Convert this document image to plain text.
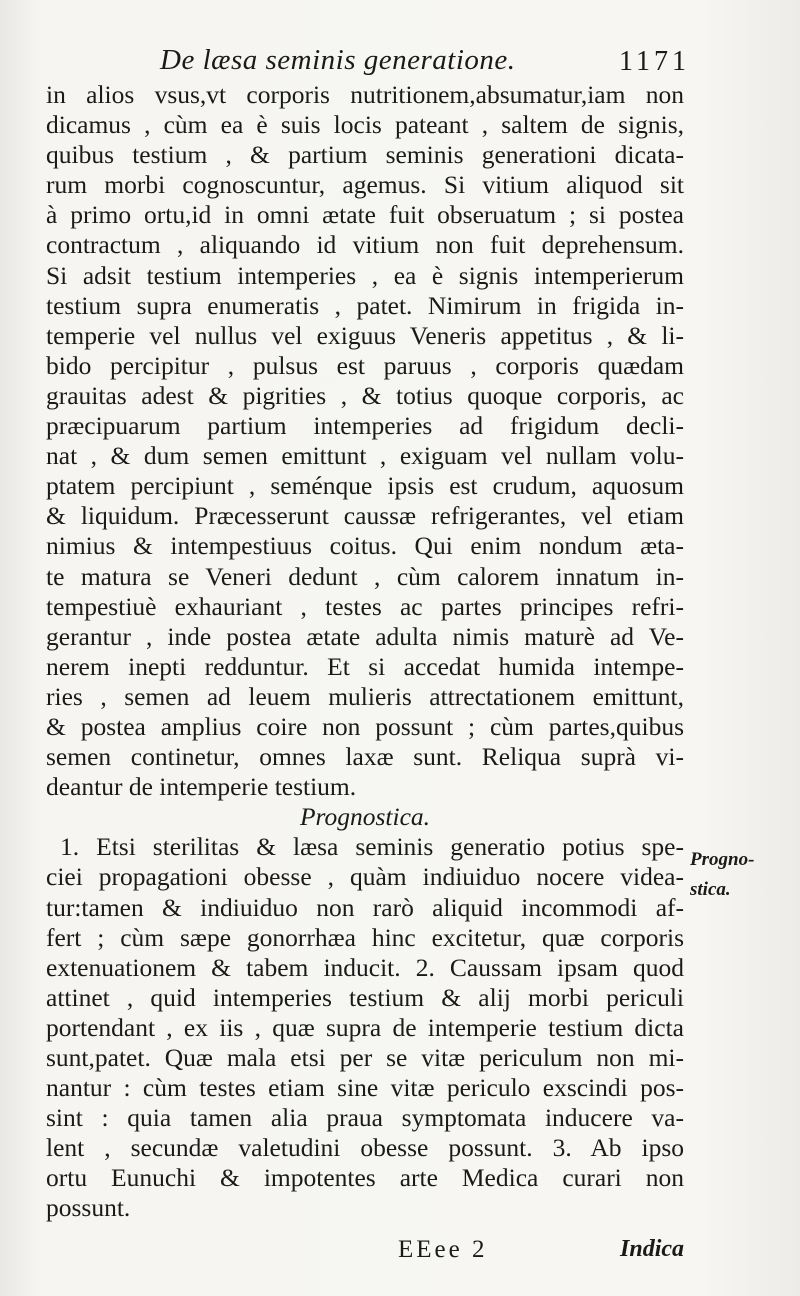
De læsa seminis generatione.	1171
in alios vsus,vt corporis nutritionem,absumatur,iam non
dicamus , cùm ea è suis locis pateant , saltem de signis,
quibus testium , & partium seminis generationi dicata-
rum morbi cognoscuntur, agemus. Si vitium aliquod sit
à primo ortu,id in omni ætate fuit obseruatum ; si postea
contractum , aliquando id vitium non fuit deprehensum.
Si adsit testium intemperies , ea è signis intemperierum
testium supra enumeratis , patet. Nimirum in frigida in-
temperie vel nullus vel exiguus Veneris appetitus , & li-
bido percipitur , pulsus est paruus , corporis quædam
grauitas adest & pigrities , & totius quoque corporis, ac
præcipuarum partium intemperies ad frigidum decli-
nat , & dum semen emittunt , exiguam vel nullam volu-
ptatem percipiunt , seménque ipsis est crudum, aquosum
& liquidum. Præcesserunt caussæ refrigerantes, vel etiam
nimius & intempestiuus coitus. Qui enim nondum æta-
te matura se Veneri dedunt , cùm calorem innatum in-
tempestiuè exhauriant , testes ac partes principes refri-
gerantur , inde postea ætate adulta nimis maturè ad Ve-
nerem inepti redduntur. Et si accedat humida intempe-
ries , semen ad leuem mulieris attrectationem emittunt,
& postea amplius coire non possunt ; cùm partes,quibus
semen continetur, omnes laxæ sunt. Reliqua suprà vi-
deantur de intemperie testium.
Prognostica.
1. Etsi sterilitas & læsa seminis generatio potius spe-
ciei propagationi obesse , quàm indiuiduo nocere videa-
tur:tamen & indiuiduo non rarò aliquid incommodi af-
fert ; cùm sæpe gonorrhæa hinc excitetur, quæ corporis
extenuationem & tabem inducit. 2. Caussam ipsam quod
attinet , quid intemperies testium & alij morbi periculi
portendant , ex iis , quæ supra de intemperie testium dicta
sunt,patet. Quæ mala etsi per se vitæ periculum non mi-
nantur : cùm testes etiam sine vitæ periculo exscindi pos-
sint : quia tamen alia praua symptomata inducere va-
lent , secundæ valetudini obesse possunt. 3. Ab ipso
ortu Eunuchi & impotentes arte Medica curari non
possunt.
Progno-
stica.
EEee 2	Indica
